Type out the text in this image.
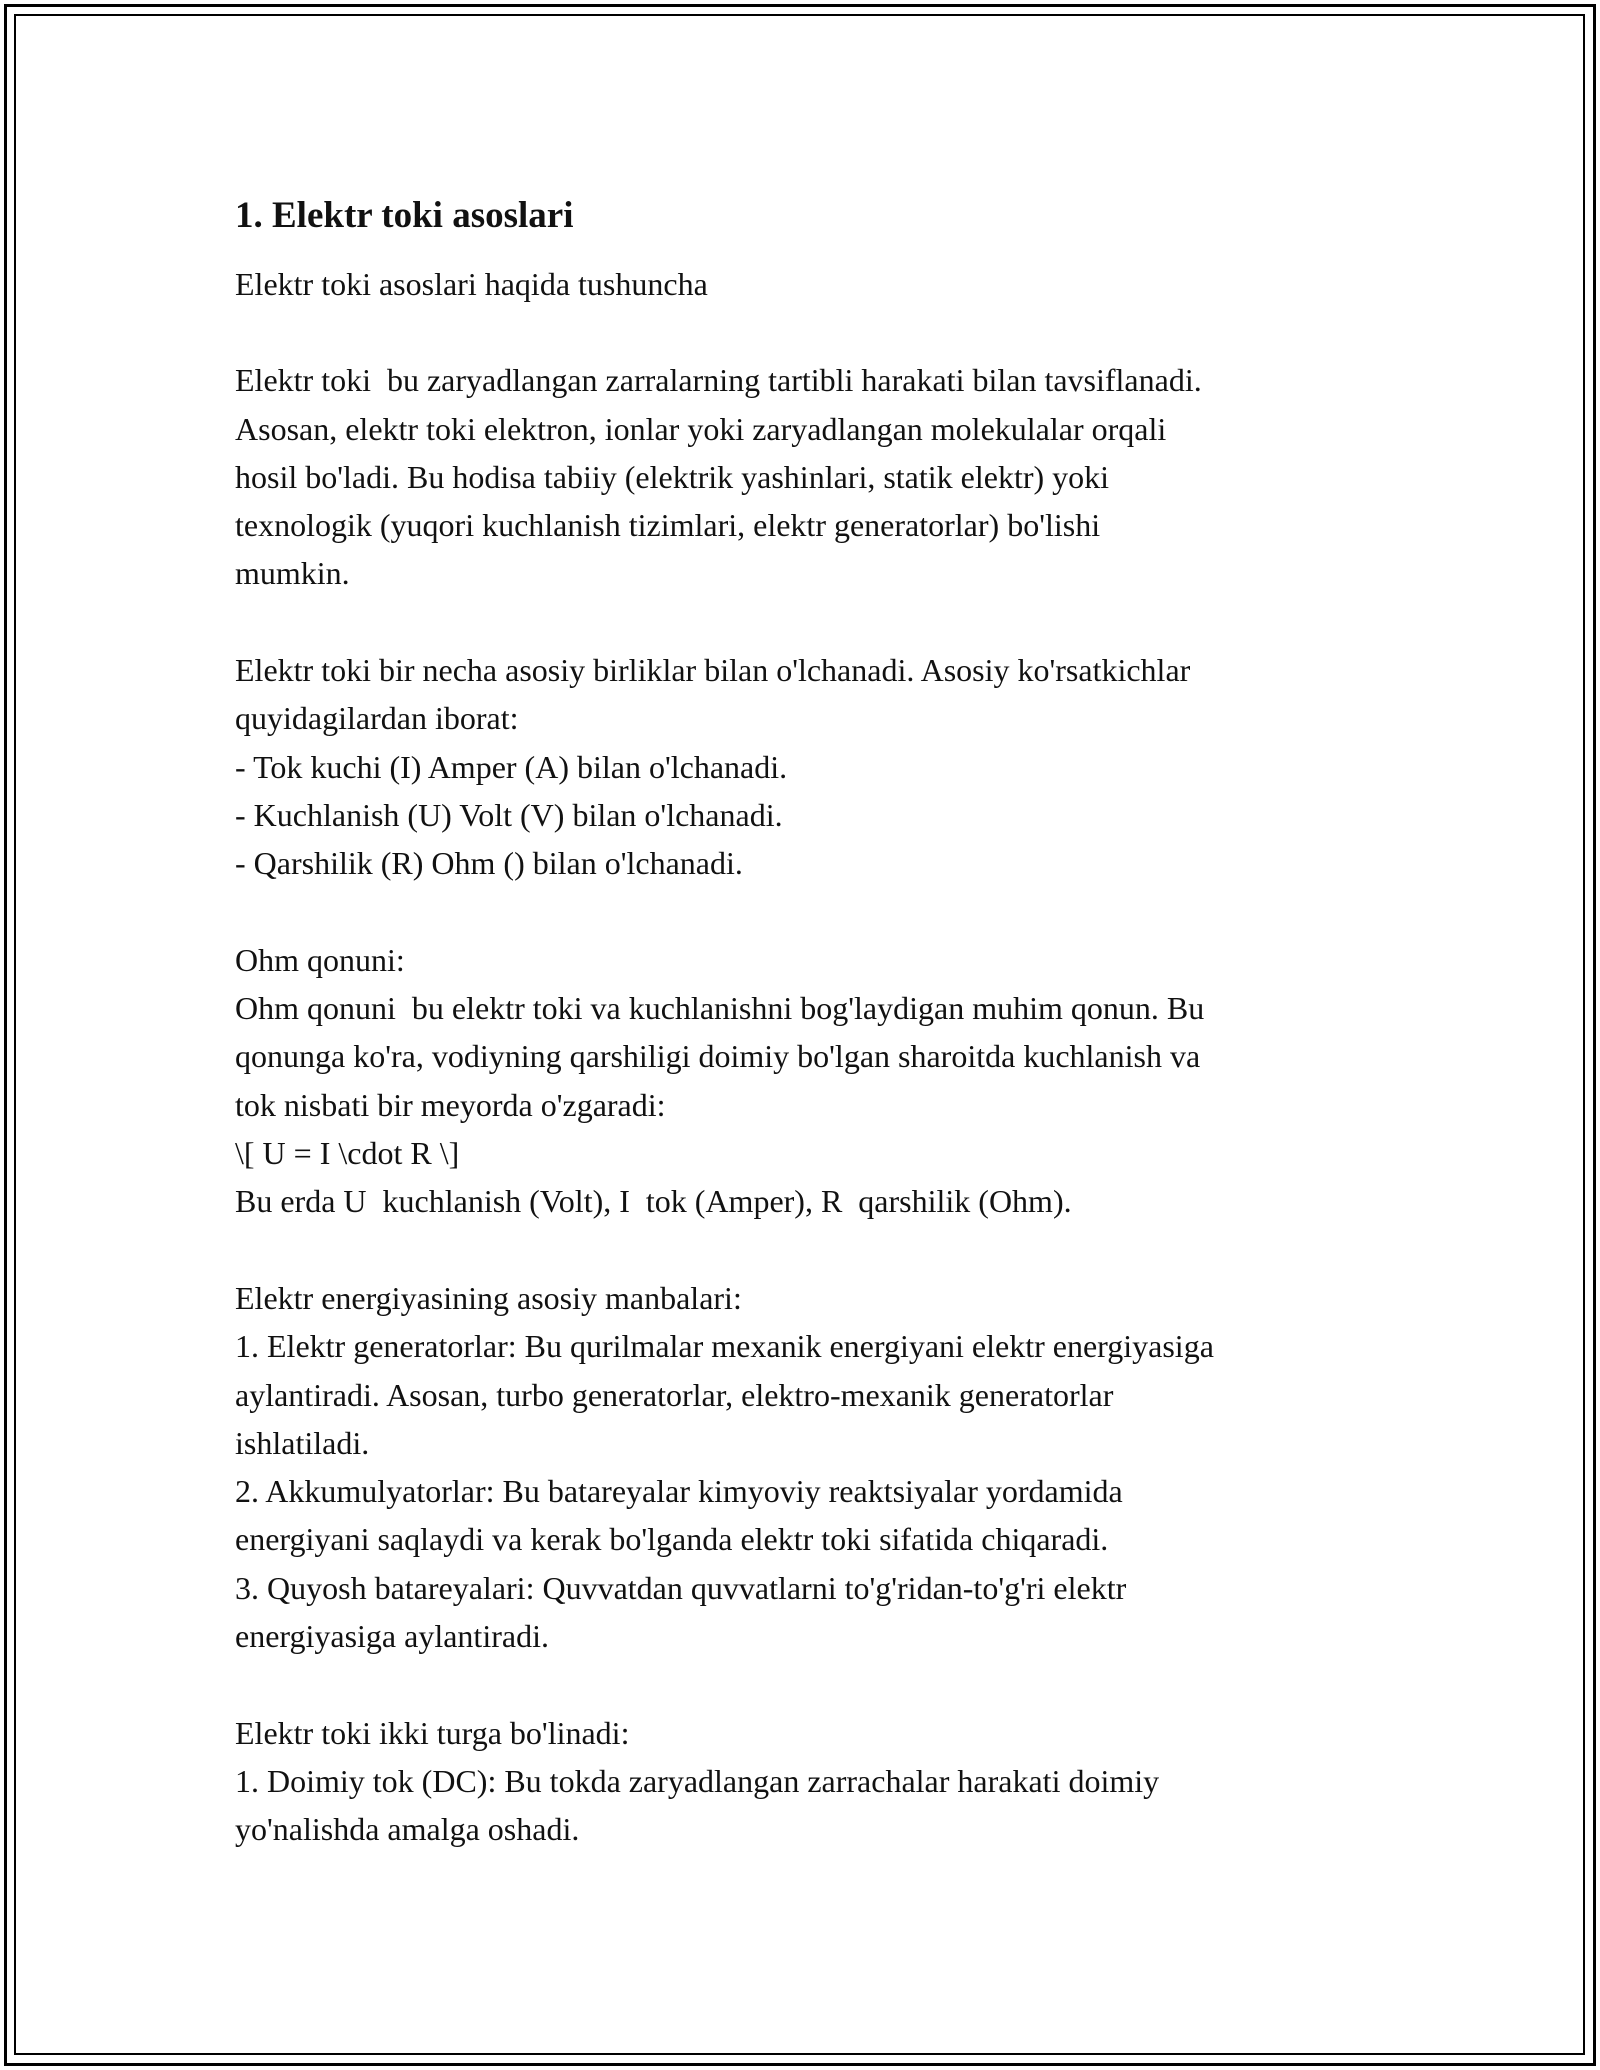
1. Elektr toki asoslari

Elektr toki asoslari haqida tushuncha

Elektr toki  bu zaryadlangan zarralarning tartibli harakati bilan tavsiflanadi.

Asosan, elektr toki elektron, ionlar yoki zaryadlangan molekulalar orqali

hosil bo'ladi. Bu hodisa tabiiy (elektrik yashinlari, statik elektr) yoki

texnologik (yuqori kuchlanish tizimlari, elektr generatorlar) bo'lishi

mumkin.

Elektr toki bir necha asosiy birliklar bilan o'lchanadi. Asosiy ko'rsatkichlar

quyidagilardan iborat:

- Tok kuchi (I) Amper (A) bilan o'lchanadi.

- Kuchlanish (U) Volt (V) bilan o'lchanadi.

- Qarshilik (R) Ohm () bilan o'lchanadi.

Ohm qonuni:

Ohm qonuni  bu elektr toki va kuchlanishni bog'laydigan muhim qonun. Bu

qonunga ko'ra, vodiyning qarshiligi doimiy bo'lgan sharoitda kuchlanish va

tok nisbati bir meyorda o'zgaradi:

\[ U = I \cdot R \]

Bu erda U  kuchlanish (Volt), I  tok (Amper), R  qarshilik (Ohm).

Elektr energiyasining asosiy manbalari:

1. Elektr generatorlar: Bu qurilmalar mexanik energiyani elektr energiyasiga

aylantiradi. Asosan, turbo generatorlar, elektro-mexanik generatorlar

ishlatiladi.

2. Akkumulyatorlar: Bu batareyalar kimyoviy reaktsiyalar yordamida

energiyani saqlaydi va kerak bo'lganda elektr toki sifatida chiqaradi.

3. Quyosh batareyalari: Quvvatdan quvvatlarni to'g'ridan-to'g'ri elektr

energiyasiga aylantiradi.

Elektr toki ikki turga bo'linadi:

1. Doimiy tok (DC): Bu tokda zaryadlangan zarrachalar harakati doimiy

yo'nalishda amalga oshadi.
